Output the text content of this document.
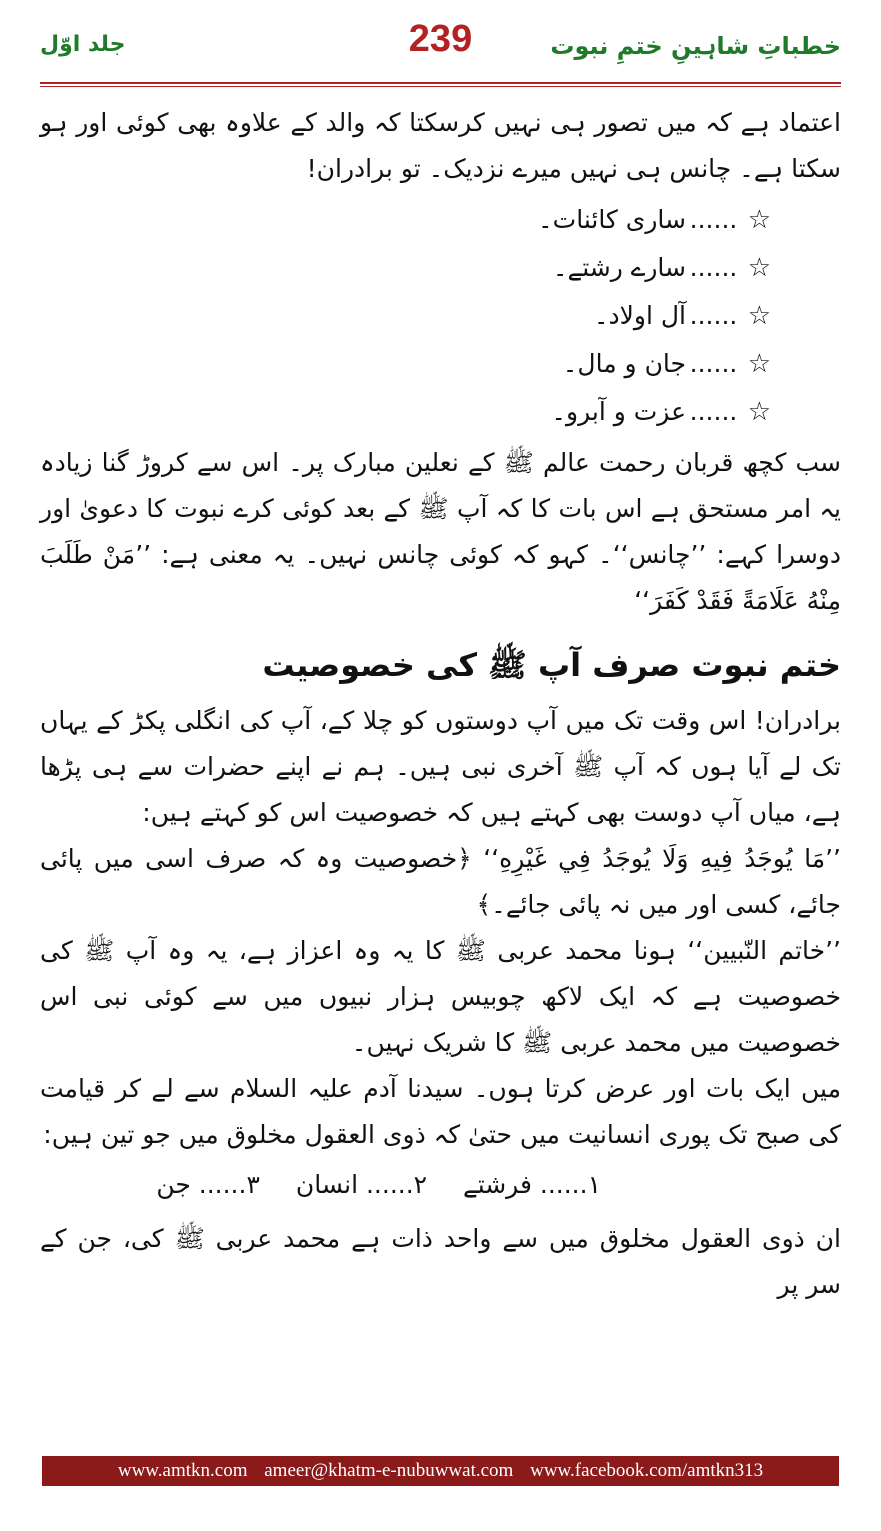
خطباتِ شاہینِ ختمِ نبوت
239
جلد اوّل

اعتماد ہے کہ میں تصور ہی نہیں کرسکتا کہ والد کے علاوہ بھی کوئی اور ہو سکتا ہے۔ چانس ہی نہیں میرے نزدیک۔ تو برادران!

☆......ساری کائنات۔
☆......سارے رشتے۔
☆......آل اولاد۔
☆......جان و مال۔
☆......عزت و آبرو۔

سب کچھ قربان رحمت عالم ﷺ کے نعلین مبارک پر۔ اس سے کروڑ گنا زیادہ یہ امر مستحق ہے اس بات کا کہ آپ ﷺ کے بعد کوئی کرے نبوت کا دعویٰ اور دوسرا کہے: ’’چانس‘‘۔ کہو کہ کوئی چانس نہیں۔ یہ معنی ہے: ’’مَنْ طَلَبَ مِنْهُ عَلَامَةً فَقَدْ كَفَرَ‘‘

ختم نبوت صرف آپ ﷺ کی خصوصیت

برادران! اس وقت تک میں آپ دوستوں کو چلا کے، آپ کی انگلی پکڑ کے یہاں تک لے آیا ہوں کہ آپ ﷺ آخری نبی ہیں۔ ہم نے اپنے حضرات سے ہی پڑھا ہے، میاں آپ دوست بھی کہتے ہیں کہ خصوصیت اس کو کہتے ہیں:

’’مَا يُوجَدُ فِيهِ وَلَا يُوجَدُ فِي غَيْرِهِ‘‘ ﴿خصوصیت وہ کہ صرف اسی میں پائی جائے، کسی اور میں نہ پائی جائے۔﴾

’’خاتم النّبیین‘‘ ہونا محمد عربی ﷺ کا یہ وہ اعزاز ہے، یہ وہ آپ ﷺ کی خصوصیت ہے کہ ایک لاکھ چوبیس ہزار نبیوں میں سے کوئی نبی اس خصوصیت میں محمد عربی ﷺ کا شریک نہیں۔

میں ایک بات اور عرض کرتا ہوں۔ سیدنا آدم علیہ السلام سے لے کر قیامت کی صبح تک پوری انسانیت میں حتیٰ کہ ذوی العقول مخلوق میں جو تین ہیں:

۱...... فرشتے ۲...... انسان ۳...... جن

ان ذوی العقول مخلوق میں سے واحد ذات ہے محمد عربی ﷺ کی، جن کے سر پر

www.amtkn.com ameer@khatm-e-nubuwwat.com www.facebook.com/amtkn313
